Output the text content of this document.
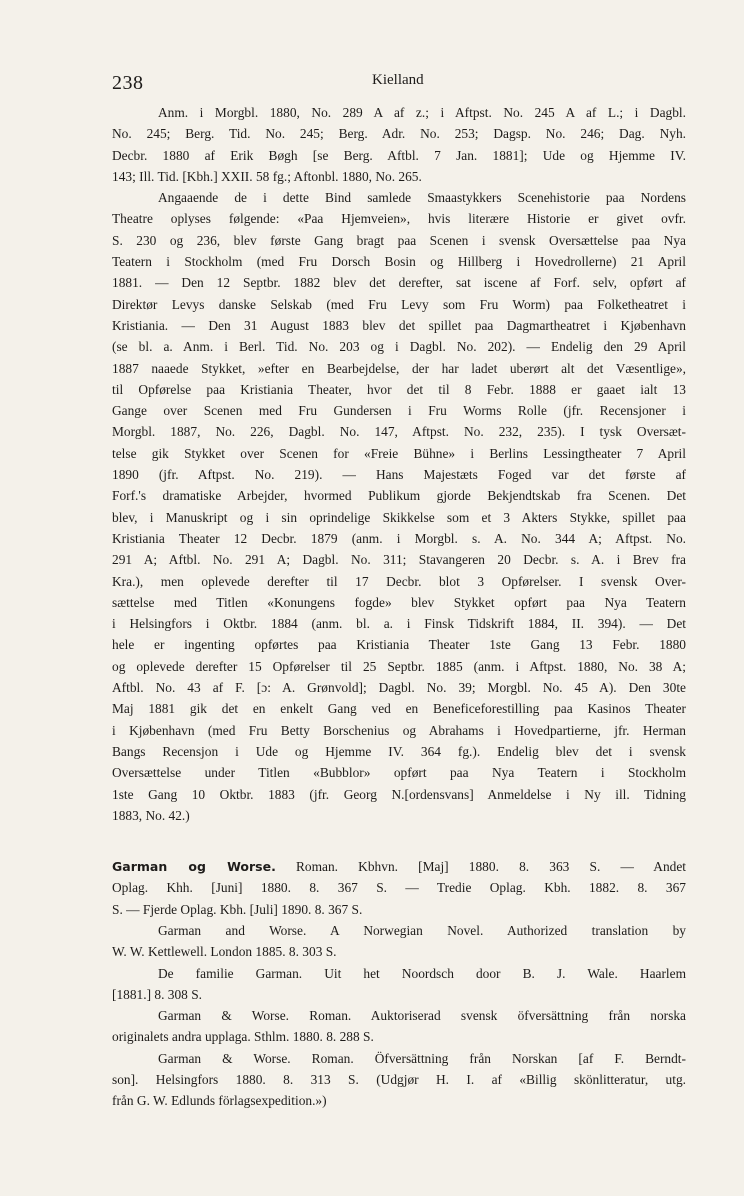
238	Kielland
Anm. i Morgbl. 1880, No. 289 A af z.; i Aftpst. No. 245 A af L.; i Dagbl.
No. 245; Berg. Tid. No. 245; Berg. Adr. No. 253; Dagsp. No. 246; Dag. Nyh.
Decbr. 1880 af Erik Bøgh [se Berg. Aftbl. 7 Jan. 1881]; Ude og Hjemme IV.
143; Ill. Tid. [Kbh.] XXII. 58 fg.; Aftonbl. 1880, No. 265.
Angaaende de i dette Bind samlede Smaastykkers Scenehistorie paa Nordens
Theatre oplyses følgende: «Paa Hjemveien», hvis literære Historie er givet ovfr.
S. 230 og 236, blev første Gang bragt paa Scenen i svensk Oversættelse paa Nya
Teatern i Stockholm (med Fru Dorsch Bosin og Hillberg i Hovedrollerne) 21 April
1881. — Den 12 Septbr. 1882 blev det derefter, sat iscene af Forf. selv, opført af
Direktør Levys danske Selskab (med Fru Levy som Fru Worm) paa Folketheatret i
Kristiania. — Den 31 August 1883 blev det spillet paa Dagmartheatret i Kjøbenhavn
(se bl. a. Anm. i Berl. Tid. No. 203 og i Dagbl. No. 202). — Endelig den 29 April
1887 naaede Stykket, »efter en Bearbejdelse, der har ladet uberørt alt det Væsentlige»,
til Opførelse paa Kristiania Theater, hvor det til 8 Febr. 1888 er gaaet ialt 13
Gange over Scenen med Fru Gundersen i Fru Worms Rolle (jfr. Recensjoner i
Morgbl. 1887, No. 226, Dagbl. No. 147, Aftpst. No. 232, 235). I tysk Oversæt-
telse gik Stykket over Scenen for «Freie Bühne» i Berlins Lessingtheater 7 April
1890 (jfr. Aftpst. No. 219). — Hans Majestæts Foged var det første af
Forf.'s dramatiske Arbejder, hvormed Publikum gjorde Bekjendtskab fra Scenen. Det
blev, i Manuskript og i sin oprindelige Skikkelse som et 3 Akters Stykke, spillet paa
Kristiania Theater 12 Decbr. 1879 (anm. i Morgbl. s. A. No. 344 A; Aftpst. No.
291 A; Aftbl. No. 291 A; Dagbl. No. 311; Stavangeren 20 Decbr. s. A. i Brev fra
Kra.), men oplevede derefter til 17 Decbr. blot 3 Opførelser. I svensk Over-
sættelse med Titlen «Konungens fogde» blev Stykket opført paa Nya Teatern
i Helsingfors i Oktbr. 1884 (anm. bl. a. i Finsk Tidskrift 1884, II. 394). — Det
hele er ingenting opførtes paa Kristiania Theater 1ste Gang 13 Febr. 1880
og oplevede derefter 15 Opførelser til 25 Septbr. 1885 (anm. i Aftpst. 1880, No. 38 A;
Aftbl. No. 43 af F. [ɔ: A. Grønvold]; Dagbl. No. 39; Morgbl. No. 45 A). Den 30te
Maj 1881 gik det en enkelt Gang ved en Beneficeforestilling paa Kasinos Theater
i Kjøbenhavn (med Fru Betty Borschenius og Abrahams i Hovedpartierne, jfr. Herman
Bangs Recensjon i Ude og Hjemme IV. 364 fg.). Endelig blev det i svensk
Oversættelse under Titlen «Bubblor» opført paa Nya Teatern i Stockholm
1ste Gang 10 Oktbr. 1883 (jfr. Georg N.[ordensvans] Anmeldelse i Ny ill. Tidning
1883, No. 42.)
Garman og Worse. Roman. Kbhvn. [Maj] 1880. 8. 363 S. — Andet
Oplag. Khh. [Juni] 1880. 8. 367 S. — Tredie Oplag. Kbh. 1882. 8. 367
S. — Fjerde Oplag. Kbh. [Juli] 1890. 8. 367 S.
Garman and Worse. A Norwegian Novel. Authorized translation by
W. W. Kettlewell. London 1885. 8. 303 S.
De familie Garman. Uit het Noordsch door B. J. Wale. Haarlem
[1881.] 8. 308 S.
Garman & Worse. Roman. Auktoriserad svensk öfversättning från norska
originalets andra upplaga. Sthlm. 1880. 8. 288 S.
Garman & Worse. Roman. Öfversättning från Norskan [af F. Berndt-
son]. Helsingfors 1880. 8. 313 S. (Udgjør H. I. af «Billig skönlitteratur, utg.
från G. W. Edlunds förlagsexpedition.»)
